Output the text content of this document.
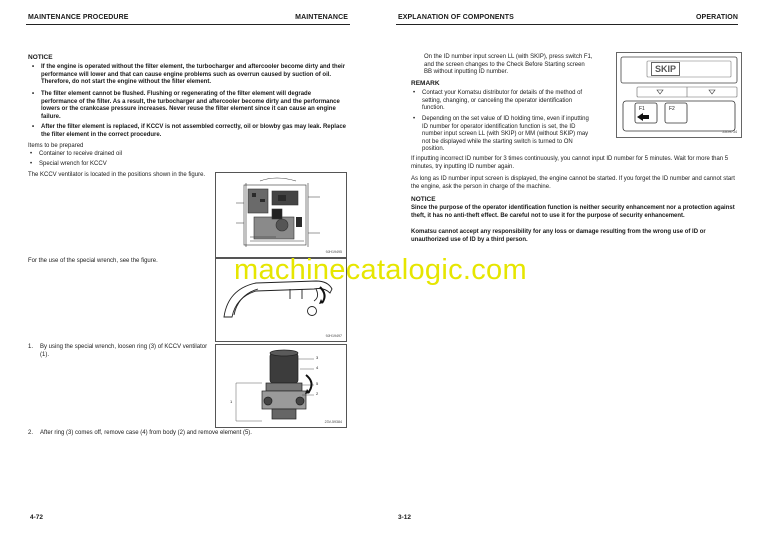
MAINTENANCE PROCEDURE	MAINTENANCE
NOTICE
•	If the engine is operated without the filter element, the turbocharger and aftercooler become dirty and their performance will lower and that can cause engine problems such as overrun caused by suction of oil. Therefore, do not start the engine without the filter element.
•	The filter element cannot be flushed. Flushing or regenerating of the filter element will degrade performance of the filter. As a result, the turbocharger and aftercooler become dirty and the performance lowers or the crankcase pressure increases. Never reuse the filter element since it can cause an engine failure.
•	After the filter element is replaced, if KCCV is not assembled correctly, oil or blowby gas may leak. Replace the filter element in the correct procedure.
Items to be prepared
•	Container to receive drained oil
•	Special wrench for KCCV
The KCCV ventilator is located in the positions shown in the figure.
9JH19495
For the use of the special wrench, see the figure.
9JH19497
1. By using the special wrench, loosen ring (3) of KCCV ventilator (1).	3
4
5
2
1
23V-59384
2. After ring (3) comes off, remove case (4) from body (2) and remove element (5).
4-72
EXPLANATION OF COMPONENTS	OPERATION
On the ID number input screen LL (with SKIP), press switch F1, and the screen changes to the Check Before Starting screen BB without inputting ID number.
REMARK
•	Contact your Komatsu distributor for details of the method of setting, changing, or canceling the operator identification function.
•	Depending on the set value of ID holding time, even if inputting ID number for operator identification function is set, the ID number input screen LL (with SKIP) or MM (without SKIP) may not be displayed while the starting switch is turned to ON position.
SKIP
F1	F2
22D9734
If inputting incorrect ID number for 3 times continuously, you cannot input ID number for 5 minutes. Wait for more than 5 minutes, try inputting ID number again.
As long as ID number input screen is displayed, the engine cannot be started. If you forget the ID number and cannot start the engine, ask the person in charge of the machine.
NOTICE
Since the purpose of the operator identification function is neither security enhancement nor a protection against theft, it has no anti-theft effect. Be careful not to use it for the purpose of security enhancement.
Komatsu cannot accept any responsibility for any loss or damage resulting from the wrong use of ID or unauthorized use of ID by a third person.
3-12
machinecatalogic.com
